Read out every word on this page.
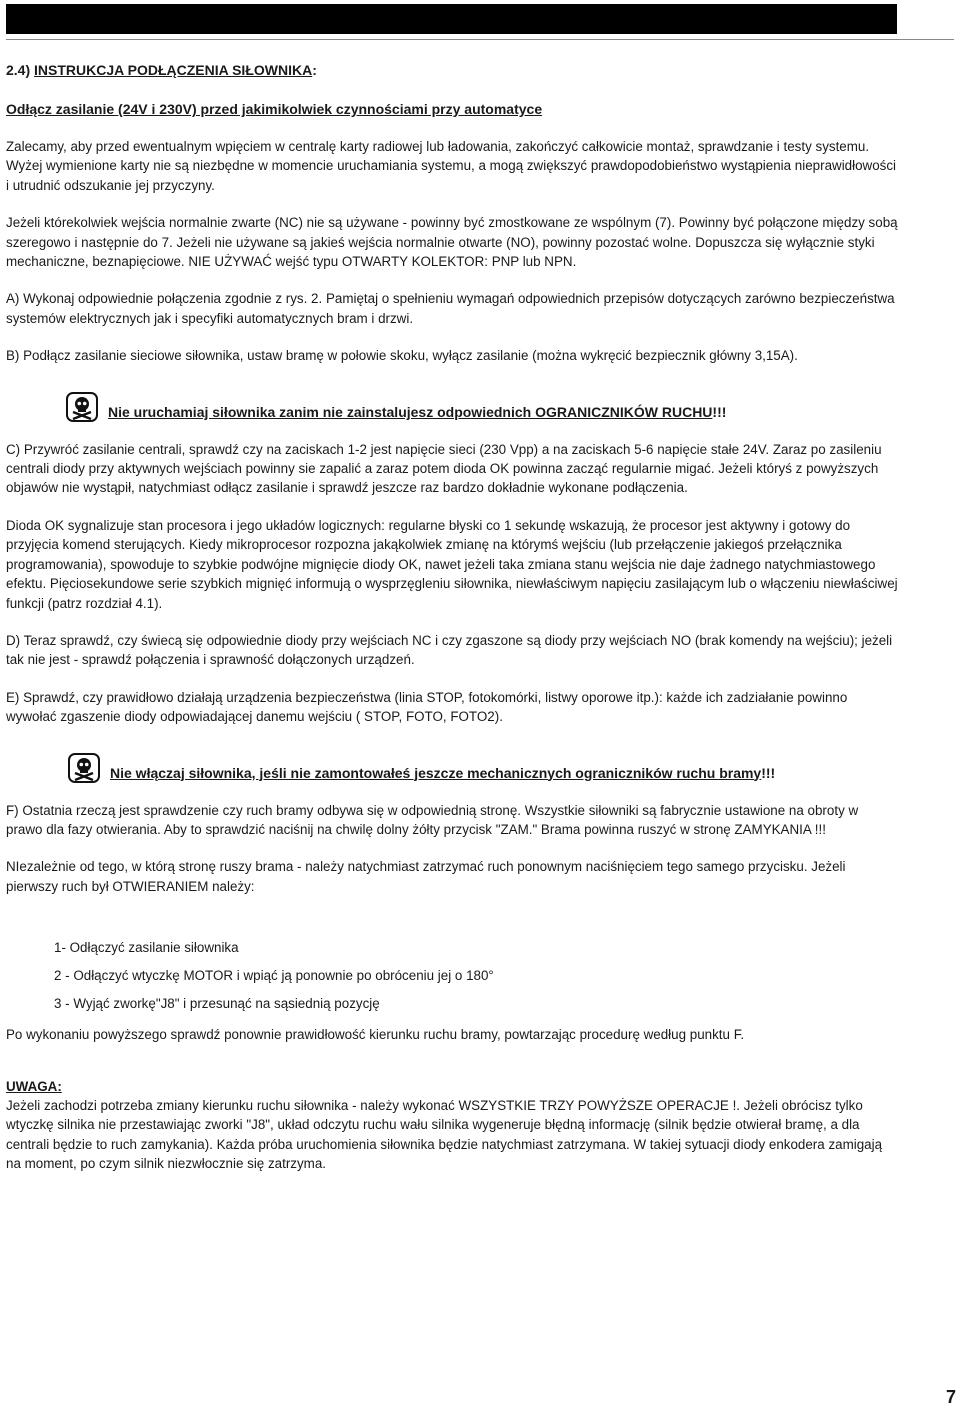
2.4) INSTRUKCJA PODŁĄCZENIA SIŁOWNIKA:

Odłącz zasilanie (24V i 230V) przed jakimikolwiek czynnościami przy automatyce

Zalecamy, aby przed ewentualnym wpięciem w centralę karty radiowej lub ładowania, zakończyć całkowicie montaż, sprawdzanie i testy systemu. Wyżej wymienione karty nie są niezbędne w momencie uruchamiania systemu, a mogą zwiększyć prawdopodobieństwo wystąpienia nieprawidłowości i utrudnić odszukanie jej przyczyny.

Jeżeli którekolwiek wejścia normalnie zwarte (NC) nie są używane - powinny być zmostkowane ze wspólnym (7). Powinny być połączone między sobą szeregowo i następnie do 7. Jeżeli nie używane są jakieś wejścia normalnie otwarte (NO), powinny pozostać wolne. Dopuszcza się wyłącznie styki mechaniczne, beznapięciowe. NIE UŻYWAĆ wejść typu OTWARTY KOLEKTOR: PNP lub NPN.

A) Wykonaj odpowiednie połączenia zgodnie z rys. 2. Pamiętaj o spełnieniu wymagań odpowiednich przepisów dotyczących zarówno bezpieczeństwa systemów elektrycznych jak i specyfiki automatycznych bram i drzwi.

B) Podłącz zasilanie sieciowe siłownika, ustaw bramę w połowie skoku, wyłącz zasilanie (można wykręcić bezpiecznik główny 3,15A).

Nie uruchamiaj siłownika zanim nie zainstalujesz odpowiednich OGRANICZNIKÓW RUCHU !!!

C) Przywróć zasilanie centrali, sprawdź czy na zaciskach 1-2 jest napięcie sieci (230 Vpp) a na zaciskach 5-6 napięcie stałe 24V. Zaraz po zasileniu centrali diody przy aktywnych wejściach powinny sie zapalić a zaraz potem dioda OK powinna zacząć regularnie migać. Jeżeli któryś z powyższych objawów nie wystąpił, natychmiast odłącz zasilanie i sprawdź jeszcze raz bardzo dokładnie wykonane podłączenia.

Dioda OK sygnalizuje stan procesora i jego układów logicznych: regularne błyski co 1 sekundę wskazują, że procesor jest aktywny i gotowy do przyjęcia komend sterujących. Kiedy mikroprocesor rozpozna jakąkolwiek zmianę na którymś wejściu (lub przełączenie jakiegoś przełącznika programowania), spowoduje to szybkie podwójne mignięcie diody OK, nawet jeżeli taka zmiana stanu wejścia nie daje żadnego natychmiastowego efektu. Pięciosekundowe serie szybkich mignięć informują o wysprzęgleniu siłownika, niewłaściwym napięciu zasilającym lub o włączeniu niewłaściwej funkcji (patrz rozdział 4.1).

D) Teraz sprawdź, czy świecą się odpowiednie diody przy wejściach NC i czy zgaszone są diody przy wejściach NO (brak komendy na wejściu); jeżeli tak nie jest - sprawdź połączenia i sprawność dołączonych urządzeń.

E) Sprawdź, czy prawidłowo działają urządzenia bezpieczeństwa (linia STOP, fotokomórki, listwy oporowe itp.): każde ich zadziałanie powinno wywołać zgaszenie diody odpowiadającej danemu wejściu ( STOP, FOTO, FOTO2).

Nie włączaj siłownika, jeśli nie zamontowałeś jeszcze mechanicznych ograniczników ruchu bramy !!!

F) Ostatnia rzeczą jest sprawdzenie czy ruch bramy odbywa się w odpowiednią stronę. Wszystkie siłowniki są fabrycznie ustawione na obroty w prawo dla fazy otwierania. Aby to sprawdzić naciśnij na chwilę dolny żółty przycisk "ZAM." Brama powinna ruszyć w stronę ZAMYKANIA !!!

NIezależnie od tego, w którą stronę ruszy brama - należy natychmiast zatrzymać ruch ponownym naciśnięciem tego samego przycisku. Jeżeli pierwszy ruch był OTWIERANIEM należy:

1- Odłączyć zasilanie siłownika

2 - Odłączyć wtyczkę MOTOR i wpiąć ją ponownie po obróceniu jej o 180°

3 - Wyjąć zworkę"J8" i przesunąć na sąsiednią pozycję

Po wykonaniu powyższego sprawdź ponownie prawidłowość kierunku ruchu bramy, powtarzając procedurę według punktu F.

UWAGA:

Jeżeli zachodzi potrzeba zmiany kierunku ruchu siłownika - należy wykonać WSZYSTKIE TRZY POWYŻSZE OPERACJE !. Jeżeli obrócisz tylko wtyczkę silnika nie przestawiając zworki "J8", układ odczytu ruchu wału silnika wygeneruje błędną informację (silnik będzie otwierał bramę, a dla centrali będzie to ruch zamykania). Każda próba uruchomienia siłownika będzie natychmiast zatrzymana. W takiej sytuacji diody enkodera zamigają na moment, po czym silnik niezwłocznie się zatrzyma.

7
